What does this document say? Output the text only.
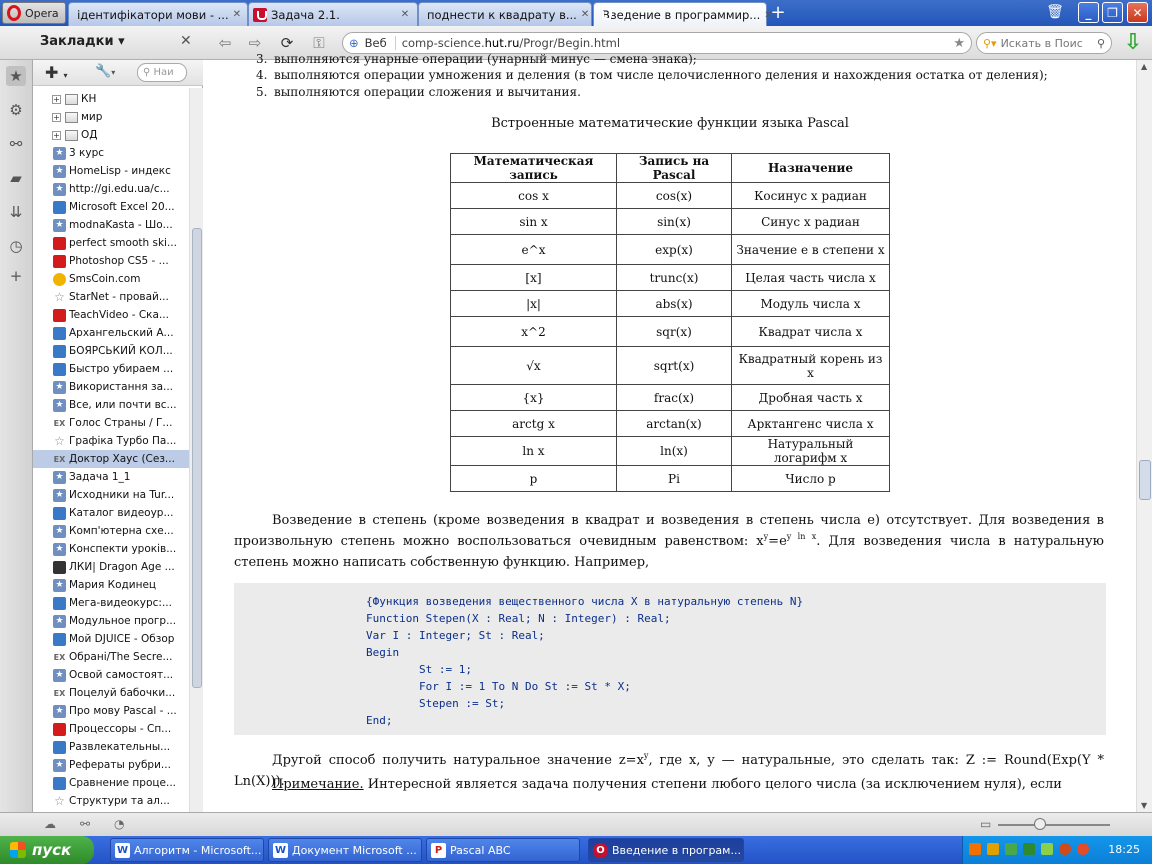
Opera ідентифікатори мови - ... ✕	Задача 2.1.	✕ поднести к квадрату в... ✕ Введение в программир... ✕
+	🗑	_	❐	✕
Закладки ▾	✕ ⇦ ⇨ ⟳ ⚿ ⊕ Веб	comp-science.hut.ru/Progr/Begin.html	★ ⚲▾ Искать в Поис ⚲ ⇩
★
⚙
⚯
▰
⇊
◷
+
✚ ▾ 🔧▾	⚲ Наи
+ КН
+ мир
+ ОД
★ 3 курс
★ HomeLisp - индекс
★ http://gi.edu.ua/c...
Microsoft Excel 20...
★ modnaKasta - Шо...
perfect smooth ski...
Photoshop CS5 - ...
SmsCoin.com
☆ StarNet - провай...
TeachVideo - Ска...
Архангельский А...
БОЯРСЬКИЙ КОЛ...
Быстро убираем ...
★ Використання за...
★ Все, или почти вс...
EX Голос Страны / Г...
☆ Графіка Турбо Па...
EX Доктор Хаус (Сез...
★ Задача 1_1
★ Исходники на Tur...
Каталог видеоур...
★ Комп'ютерна схе...
★ Конспекти уроків...
ЛКИ| Dragon Age ...
★ Мария Кодинец
Мега-видеокурс:...
★ Модульное прогр...
Мой DJUICE - Обзор
EX Обрані/The Secre...
★ Освой самостоят...
EX Поцелуй бабочки...
★ Про мову Pascal - ...
Процессоры - Сп...
Развлекательны...
★ Рефераты рубри...
Сравнение проце...
☆ Структури та ал...
3. выполняются унарные операции (унарный минус — смена знака);
4. выполняются операции умножения и деления (в том числе целочисленного деления и нахождения остатка от деления);
5. выполняются операции сложения и вычитания.
Встроенные математические функции языка Pascal
Математическая запись	Запись на Pascal	Назначение
cos x	cos(x)	Косинус x радиан
sin x	sin(x)	Синус x радиан
e^x	exp(x)	Значение е в степени x
[x]	trunc(x)	Целая часть числа x
|x|	abs(x)	Модуль числа x
x^2	sqr(x)	Квадрат числа x
√x	sqrt(x)	Квадратный корень из x
{x}	frac(x)	Дробная часть x
arctg x	arctan(x)	Арктангенс числа x
ln x	ln(x)	Натуральный логарифм x
p	Pi	Число p
Возведение в степень (кроме возведения в квадрат и возведения в степень числа е) отсутствует. Для возведения в произвольную степень можно воспользоваться очевидным равенством: $x^y=e^{y ln x}$. Для возведения числа в натуральную степень можно написать собственную функцию. Например,
{Функция возведения вещественного числа X в натуральную степень N}
Function Stepen(X : Real; N : Integer) : Real;
Var I : Integer; St : Real;
Begin
St := 1;
For I := 1 To N Do St := St * X;
Stepen := St;
End;
Другой способ получить натуральное значение $z=x^y$, где x, y — натуральные, это сделать так: Z := Round(Exp(Y * Ln(X))).
Примечание. Интересной является задача получения степени любого целого числа (за исключением нуля), если
▲
▼
☁ ⚯ ◔	▭
пуск	W Алгоритм - Microsoft... W Документ Microsoft ...	P Pascal ABC	O Введение в програм...	18:25
